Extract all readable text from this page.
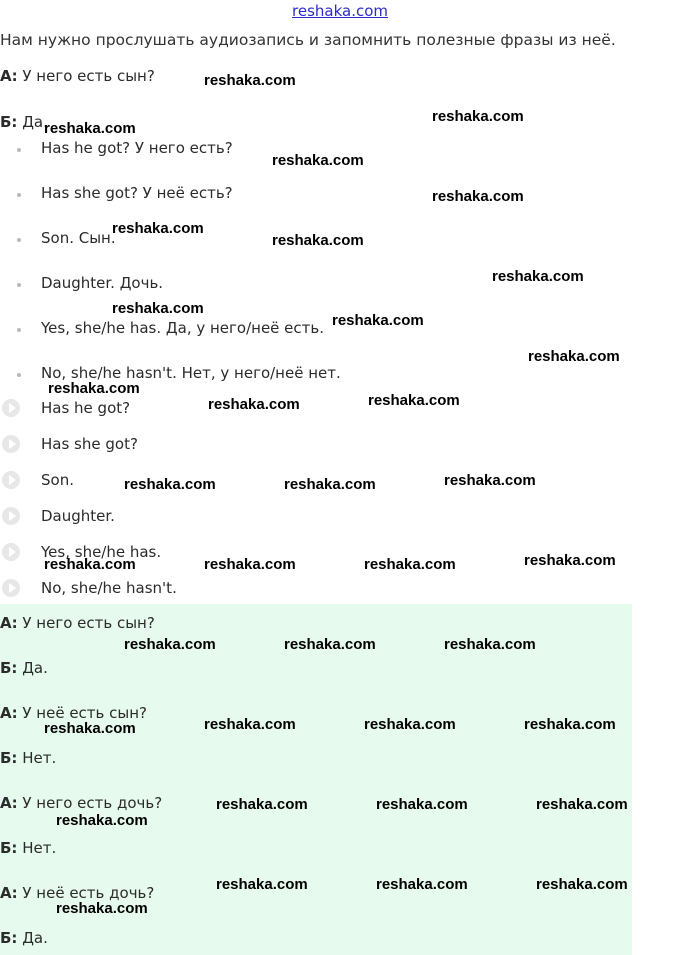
reshaka.com
Нам нужно прослушать аудиозапись и запомнить полезные фразы из неё.
А: У него есть сын?
Б: Да.
Has he got? У него есть?
Has she got? У неё есть?
Son. Сын.
Daughter. Дочь.
Yes, she/he has. Да, у него/неё есть.
No, she/he hasn't. Нет, у него/неё нет.
Has he got?
Has she got?
Son.
Daughter.
Yes, she/he has.
No, she/he hasn't.
А: У него есть сын?
Б: Да.
А: У неё есть сын?
Б: Нет.
А: У него есть дочь?
Б: Нет.
А: У неё есть дочь?
Б: Да.
reshaka.com
reshaka.com
reshaka.com
reshaka.com
reshaka.com
reshaka.com
reshaka.com
reshaka.com
reshaka.com
reshaka.com
reshaka.com
reshaka.com
reshaka.com
reshaka.com
reshaka.com
reshaka.com	reshaka.com
reshaka.com
reshaka.com	reshaka.com	reshaka.com
reshaka.com	reshaka.com	reshaka.com
reshaka.com	reshaka.com	reshaka.com
reshaka.com
reshaka.com	reshaka.com	reshaka.com
reshaka.com
reshaka.com	reshaka.com	reshaka.com
reshaka.com
